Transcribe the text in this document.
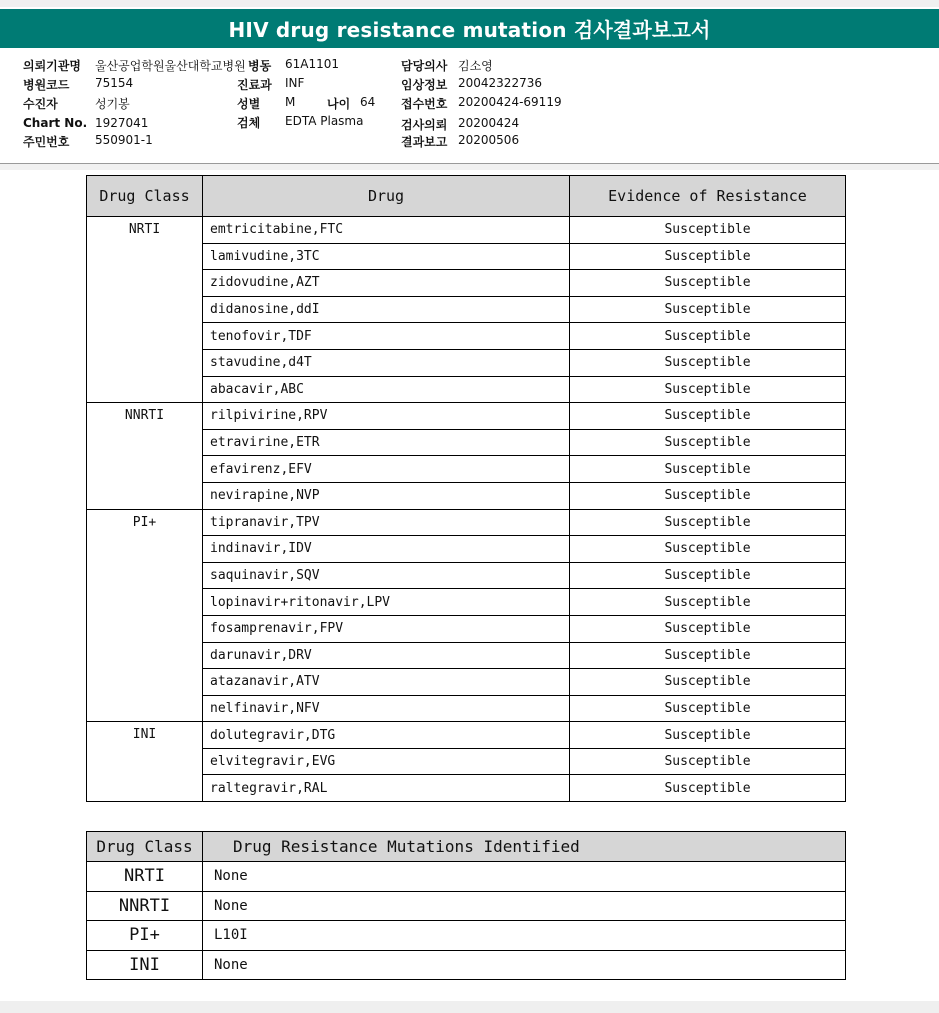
HIV drug resistance mutation 검사결과보고서
의뢰기관명 울산공업학원울산대학교병원 병동 61A1101	담당의사 김소영
병원코드 75154	진료과 INF	임상정보 20042322736
수진자	성기봉	성별 M	나이 64 접수번호 20200424-69119
Chart No. 1927041	검체 EDTA Plasma	검사의뢰 20200424
주민번호 550901-1	결과보고 20200506
Drug Class	Drug	Evidence of Resistance
NRTI	emtricitabine,FTC	Susceptible
	lamivudine,3TC	Susceptible
	zidovudine,AZT	Susceptible
	didanosine,ddI	Susceptible
	tenofovir,TDF	Susceptible
	stavudine,d4T	Susceptible
	abacavir,ABC	Susceptible
NNRTI	rilpivirine,RPV	Susceptible
	etravirine,ETR	Susceptible
	efavirenz,EFV	Susceptible
	nevirapine,NVP	Susceptible
PI+	tipranavir,TPV	Susceptible
	indinavir,IDV	Susceptible
	saquinavir,SQV	Susceptible
	lopinavir+ritonavir,LPV	Susceptible
	fosamprenavir,FPV	Susceptible
	darunavir,DRV	Susceptible
	atazanavir,ATV	Susceptible
	nelfinavir,NFV	Susceptible
INI	dolutegravir,DTG	Susceptible
	elvitegravir,EVG	Susceptible
	raltegravir,RAL	Susceptible
Drug Class	Drug Resistance Mutations Identified
NRTI	None
NNRTI	None
PI+	L10I
INI	None
